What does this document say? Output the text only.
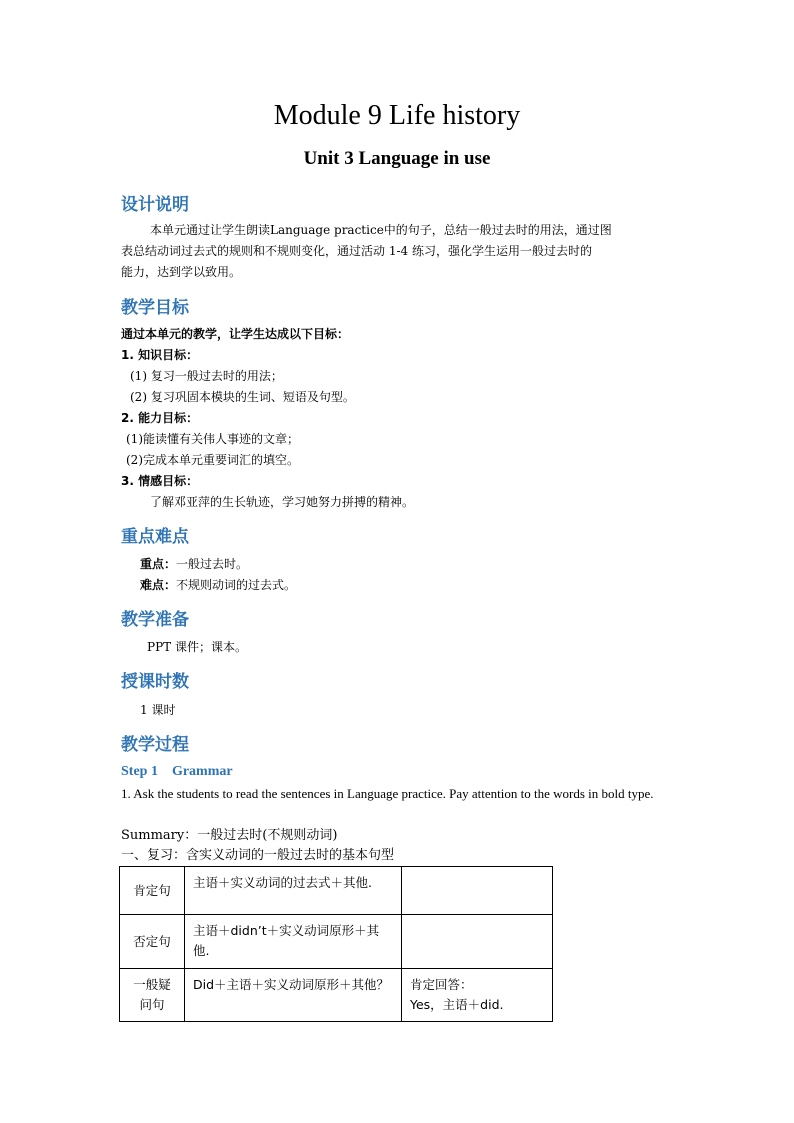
Module 9 Life history
Unit 3 Language in use
设计说明
本单元通过让学生朗读Language practice中的句子，总结一般过去时的用法，通过图
表总结动词过去式的规则和不规则变化，通过活动 1-4 练习，强化学生运用一般过去时的
能力，达到学以致用。
教学目标
通过本单元的教学，让学生达成以下目标：
1. 知识目标：
(1) 复习一般过去时的用法；
(2) 复习巩固本模块的生词、短语及句型。
2. 能力目标：
(1)能读懂有关伟人事迹的文章；
(2)完成本单元重要词汇的填空。
3. 情感目标：
了解邓亚萍的生长轨迹，学习她努力拼搏的精神。
重点难点
重点：一般过去时。
难点：不规则动词的过去式。
教学准备
PPT 课件；课本。
授课时数
1 课时
教学过程
Step 1 Grammar
1. Ask the students to read the sentences in Language practice. Pay attention to the words in bold type.
Summary：一般过去时(不规则动词)
一、复习：含实义动词的一般过去时的基本句型
肯定句	主语＋实义动词的过去式＋其他.	
否定句	主语＋didn’t＋实义动词原形＋其他.	
一般疑问句	Did＋主语＋实义动词原形＋其他？	肯定回答：
Yes，主语＋did.
